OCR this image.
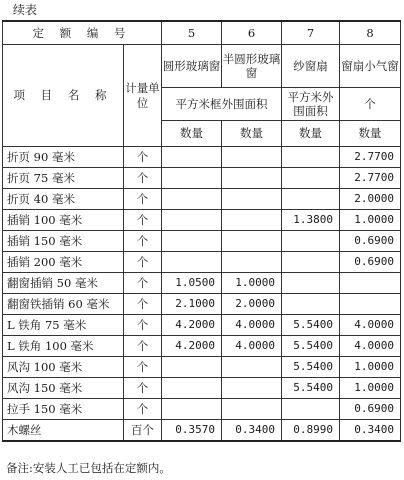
续表
定 额 编 号		5	6	7	8
项 目 名 称	计量单位	圆形玻璃窗	半圆形玻璃窗	纱窗扇	窗扇小气窗
		平方米框外围面积		平方米外围面积	个
		数量	数量	数量	数量
折页 90 毫米	个				2.7700
折页 75 毫米	个				2.7700
折页 40 毫米	个				2.0000
插销 100 毫米	个			1.3800	1.0000
插销 150 毫米	个				0.6900
插销 200 毫米	个				0.6900
翻窗插销 50 毫米	个	1.0500	1.0000		
翻窗铁插销 60 毫米	个	2.1000	2.0000		
L 铁角 75 毫米	个	4.2000	4.0000	5.5400	4.0000
L 铁角 100 毫米	个	4.2000	4.0000	5.5400	4.0000
风沟 100 毫米	个			5.5400	1.0000
风沟 150 毫米	个			5.5400	1.0000
拉手 150 毫米	个				0.6900
木螺丝	百个	0.3570	0.3400	0.8990	0.3400
备注:安装人工已包括在定额内。
